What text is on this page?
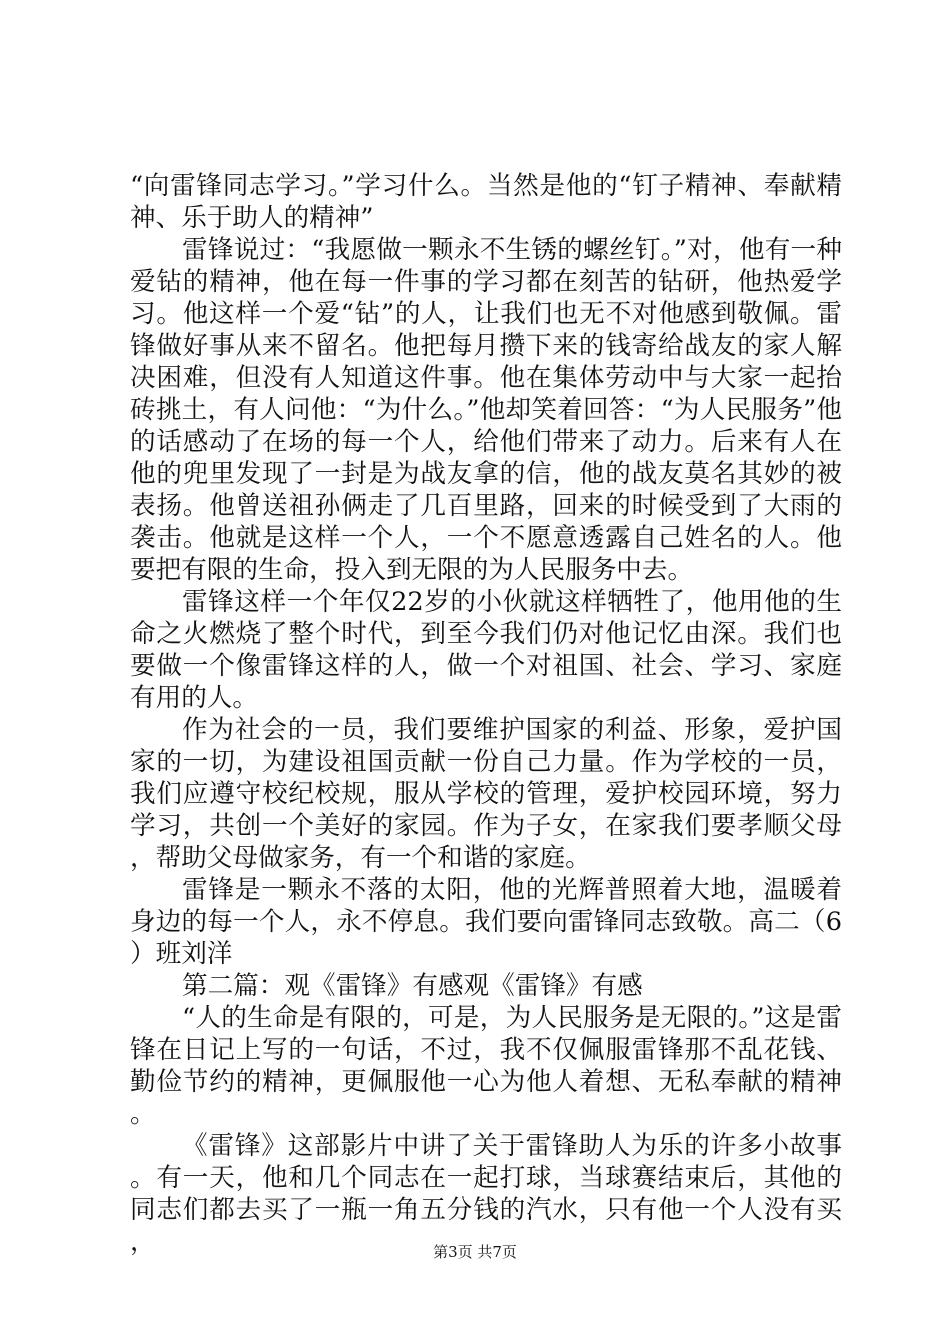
“向雷锋同志学习。”学习什么。当然是他的“钉子精神、奉献精神、乐于助人的精神”

雷锋说过：“我愿做一颗永不生锈的螺丝钉。”对，他有一种爱钻的精神，他在每一件事的学习都在刻苦的钻研，他热爱学习。他这样一个爱“钻”的人，让我们也无不对他感到敬佩。雷锋做好事从来不留名。他把每月攒下来的钱寄给战友的家人解决困难，但没有人知道这件事。他在集体劳动中与大家一起抬砖挑土，有人问他：“为什么。”他却笑着回答：“为人民服务”他的话感动了在场的每一个人，给他们带来了动力。后来有人在他的兜里发现了一封是为战友拿的信，他的战友莫名其妙的被表扬。他曾送祖孙俩走了几百里路，回来的时候受到了大雨的袭击。他就是这样一个人，一个不愿意透露自己姓名的人。他要把有限的生命，投入到无限的为人民服务中去。

雷锋这样一个年仅22岁的小伙就这样牺牲了，他用他的生命之火燃烧了整个时代，到至今我们仍对他记忆由深。我们也要做一个像雷锋这样的人，做一个对祖国、社会、学习、家庭有用的人。

作为社会的一员，我们要维护国家的利益、形象，爱护国家的一切，为建设祖国贡献一份自己力量。作为学校的一员，我们应遵守校纪校规，服从学校的管理，爱护校园环境，努力学习，共创一个美好的家园。作为子女，在家我们要孝顺父母，帮助父母做家务，有一个和谐的家庭。

雷锋是一颗永不落的太阳，他的光辉普照着大地，温暖着身边的每一个人，永不停息。我们要向雷锋同志致敬。高二（6）班刘洋

第二篇：观《雷锋》有感观《雷锋》有感

“人的生命是有限的，可是，为人民服务是无限的。”这是雷锋在日记上写的一句话，不过，我不仅佩服雷锋那不乱花钱、勤俭节约的精神，更佩服他一心为他人着想、无私奉献的精神。

《雷锋》这部影片中讲了关于雷锋助人为乐的许多小故事。有一天，他和几个同志在一起打球，当球赛结束后，其他的同志们都去买了一瓶一角五分钱的汽水，只有他一个人没有买，	第3页 共7页
